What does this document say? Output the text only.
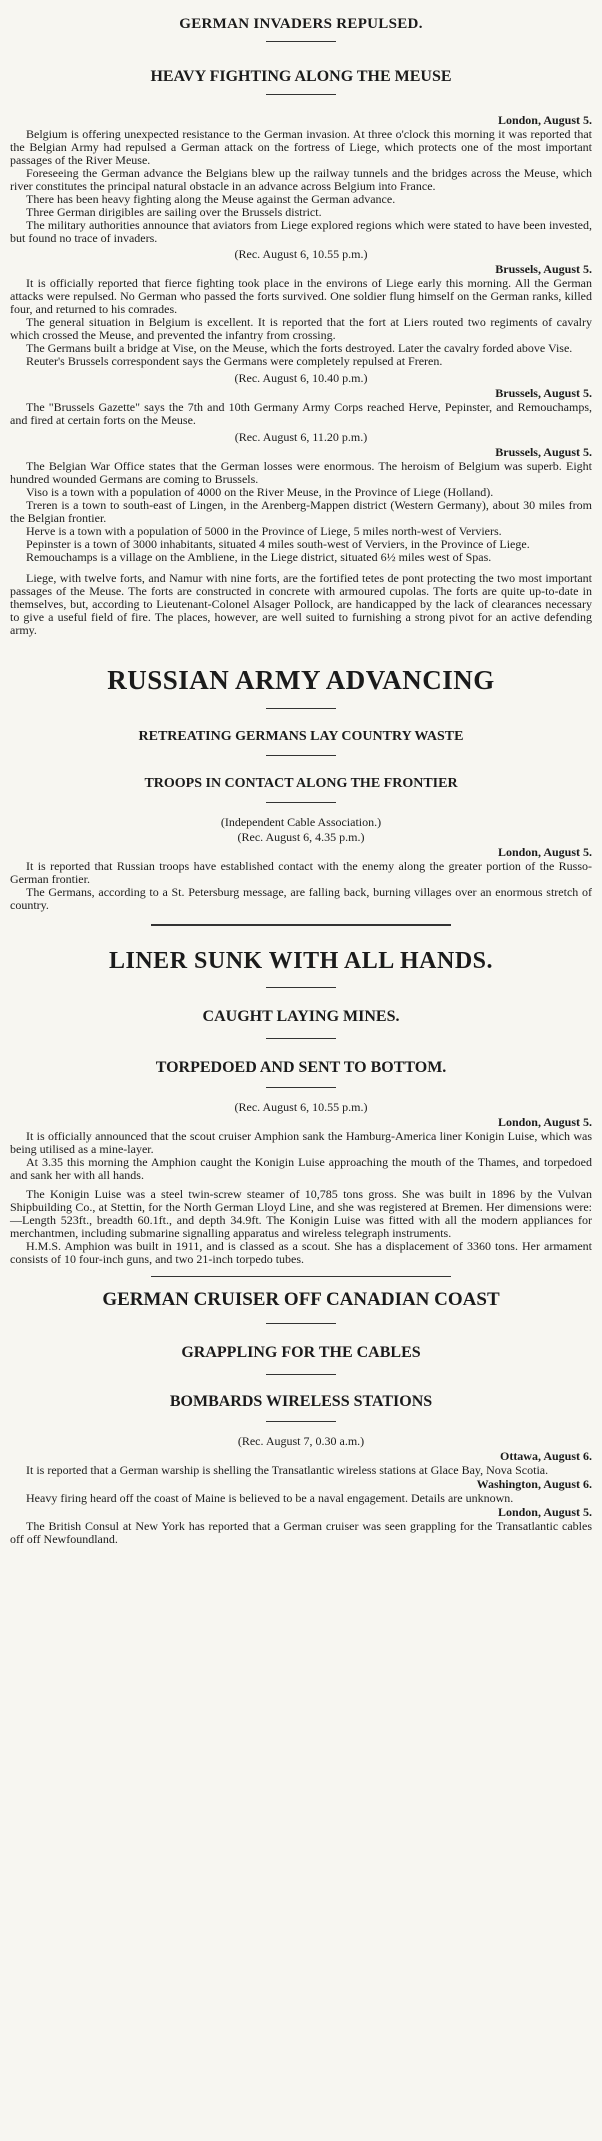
GERMAN INVADERS REPULSED.
HEAVY FIGHTING ALONG THE MEUSE

London, August 5.

Belgium is offering unexpected resistance to the German invasion. At three o'clock this morning it was reported that the Belgian Army had repulsed a German attack on the fortress of Liege, which protects one of the most important passages of the River Meuse.

Foreseeing the German advance the Belgians blew up the railway tunnels and the bridges across the Meuse, which river constitutes the principal natural obstacle in an advance across Belgium into France.

There has been heavy fighting along the Meuse against the German advance.

Three German dirigibles are sailing over the Brussels district.

The military authorities announce that aviators from Liege explored regions which were stated to have been invested, but found no trace of invaders.

(Rec. August 6, 10.55 p.m.)

Brussels, August 5.

It is officially reported that fierce fighting took place in the environs of Liege early this morning. All the German attacks were repulsed. No German who passed the forts survived. One soldier flung himself on the German ranks, killed four, and returned to his comrades.

The general situation in Belgium is excellent. It is reported that the fort at Liers routed two regiments of cavalry which crossed the Meuse, and prevented the infantry from crossing.

The Germans built a bridge at Vise, on the Meuse, which the forts destroyed. Later the cavalry forded above Vise.

Reuter's Brussels correspondent says the Germans were completely repulsed at Freren.

(Rec. August 6, 10.40 p.m.)

Brussels, August 5.

The "Brussels Gazette" says the 7th and 10th Germany Army Corps reached Herve, Pepinster, and Remouchamps, and fired at certain forts on the Meuse.

(Rec. August 6, 11.20 p.m.)

Brussels, August 5.

The Belgian War Office states that the German losses were enormous. The heroism of Belgium was superb. Eight hundred wounded Germans are coming to Brussels.

Viso is a town with a population of 4000 on the River Meuse, in the Province of Liege (Holland).

Treren is a town to south-east of Lingen, in the Arenberg-Mappen district (Western Germany), about 30 miles from the Belgian frontier.

Herve is a town with a population of 5000 in the Province of Liege, 5 miles north-west of Verviers.

Pepinster is a town of 3000 inhabitants, situated 4 miles south-west of Verviers, in the Province of Liege.

Remouchamps is a village on the Ambliene, in the Liege district, situated 6½ miles west of Spas.

Liege, with twelve forts, and Namur with nine forts, are the fortified tetes de pont protecting the two most important passages of the Meuse. The forts are constructed in concrete with armoured cupolas. The forts are quite up-to-date in themselves, but, according to Lieutenant-Colonel Alsager Pollock, are handicapped by the lack of clearances necessary to give a useful field of fire. The places, however, are well suited to furnishing a strong pivot for an active defending army.

RUSSIAN ARMY ADVANCING
RETREATING GERMANS LAY COUNTRY WASTE
TROOPS IN CONTACT ALONG THE FRONTIER

(Independent Cable Association.)

(Rec. August 6, 4.35 p.m.)

London, August 5.

It is reported that Russian troops have established contact with the enemy along the greater portion of the Russo-German frontier.

The Germans, according to a St. Petersburg message, are falling back, burning villages over an enormous stretch of country.

LINER SUNK WITH ALL HANDS.
CAUGHT LAYING MINES.
TORPEDOED AND SENT TO BOTTOM.

(Rec. August 6, 10.55 p.m.)

London, August 5.

It is officially announced that the scout cruiser Amphion sank the Hamburg-America liner Konigin Luise, which was being utilised as a mine-layer.

At 3.35 this morning the Amphion caught the Konigin Luise approaching the mouth of the Thames, and torpedoed and sank her with all hands.

The Konigin Luise was a steel twin-screw steamer of 10,785 tons gross. She was built in 1896 by the Vulvan Shipbuilding Co., at Stettin, for the North German Lloyd Line, and she was registered at Bremen. Her dimensions were:—Length 523ft., breadth 60.1ft., and depth 34.9ft. The Konigin Luise was fitted with all the modern appliances for merchantmen, including submarine signalling apparatus and wireless telegraph instruments.

H.M.S. Amphion was built in 1911, and is classed as a scout. She has a displacement of 3360 tons. Her armament consists of 10 four-inch guns, and two 21-inch torpedo tubes.

GERMAN CRUISER OFF CANADIAN COAST
GRAPPLING FOR THE CABLES
BOMBARDS WIRELESS STATIONS

(Rec. August 7, 0.30 a.m.)

Ottawa, August 6.

It is reported that a German warship is shelling the Transatlantic wireless stations at Glace Bay, Nova Scotia.

Washington, August 6.

Heavy firing heard off the coast of Maine is believed to be a naval engagement. Details are unknown.

London, August 5.

The British Consul at New York has reported that a German cruiser was seen grappling for the Transatlantic cables off off Newfoundland.
